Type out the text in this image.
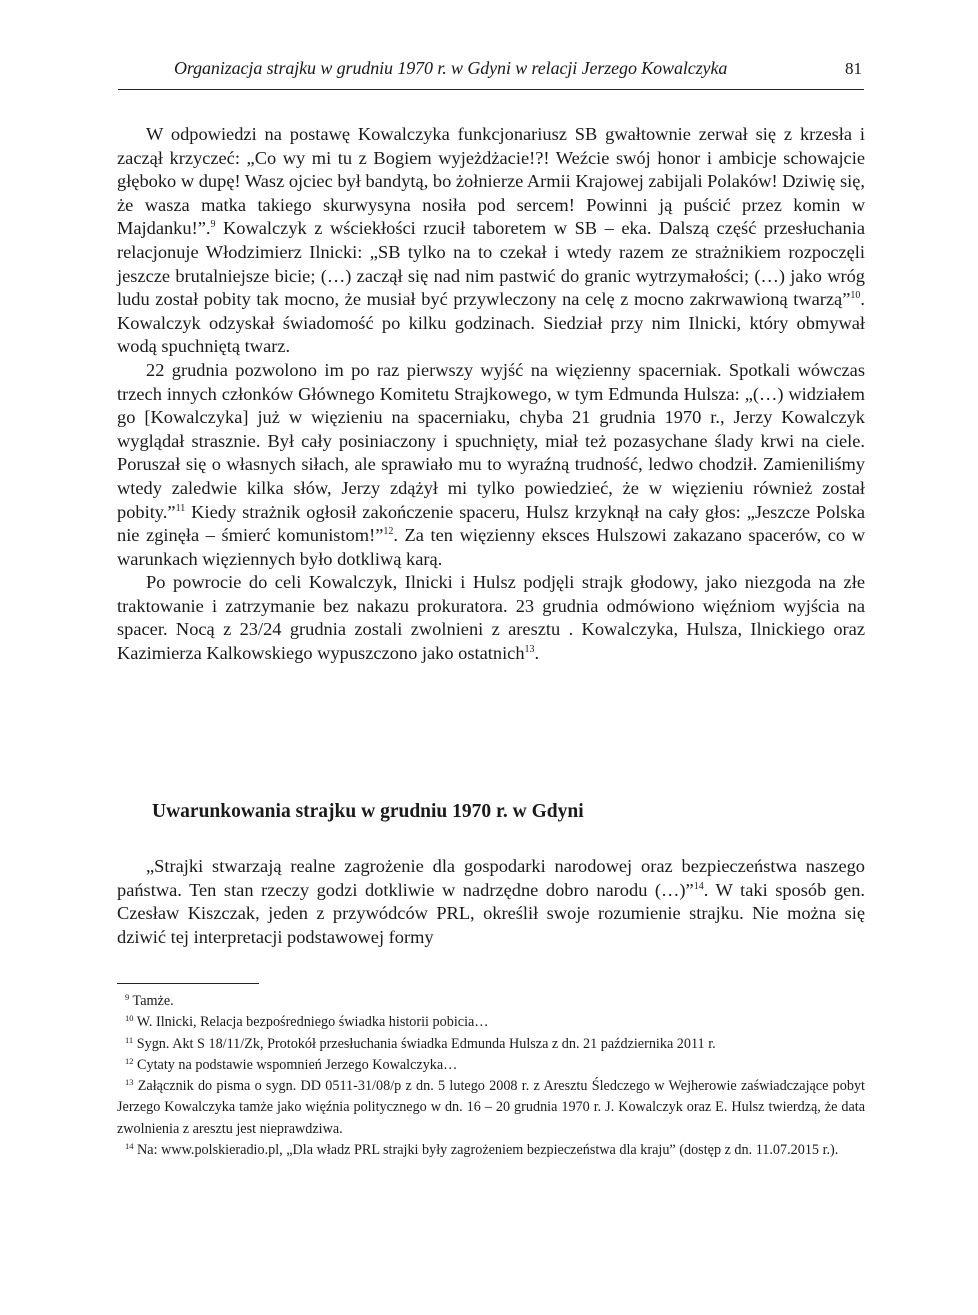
Organizacja strajku w grudniu 1970 r. w Gdyni w relacji Jerzego Kowalczyka	81

W odpowiedzi na postawę Kowalczyka funkcjonariusz SB gwałtownie zerwał się z krzesła i zaczął krzyczeć: „Co wy mi tu z Bogiem wyjeżdżacie!?! Weźcie swój honor i ambicje schowajcie głęboko w dupę! Wasz ojciec był bandytą, bo żołnierze Armii Krajowej zabijali Polaków! Dziwię się, że wasza matka takiego skurwysyna nosiła pod sercem! Powinni ją puścić przez komin w Majdanku!”.$^9$ Kowalczyk z wściekłości rzucił taboretem w SB – eka. Dalszą część przesłuchania relacjonuje Włodzimierz Ilnicki: „SB tylko na to czekał i wtedy razem ze strażnikiem rozpoczęli jeszcze brutalniejsze bicie; (…) zaczął się nad nim pastwić do granic wytrzymałości; (…) jako wróg ludu został pobity tak mocno, że musiał być przywleczony na celę z mocno zakrwawioną twarzą”$^{10}$. Kowalczyk odzyskał świadomość po kilku godzinach. Siedział przy nim Ilnicki, który obmywał wodą spuchniętą twarz.

22 grudnia pozwolono im po raz pierwszy wyjść na więzienny spacerniak. Spotkali wówczas trzech innych członków Głównego Komitetu Strajkowego, w tym Edmunda Hulsza: „(…) widziałem go [Kowalczyka] już w więzieniu na spacerniaku, chyba 21 grudnia 1970 r., Jerzy Kowalczyk wyglądał strasznie. Był cały posiniaczony i spuchnięty, miał też pozasychane ślady krwi na ciele. Poruszał się o własnych siłach, ale sprawiało mu to wyraźną trudność, ledwo chodził. Zamieniliśmy wtedy zaledwie kilka słów, Jerzy zdążył mi tylko powiedzieć, że w więzieniu również został pobity.”$^{11}$ Kiedy strażnik ogłosił zakończenie spaceru, Hulsz krzyknął na cały głos: „Jeszcze Polska nie zginęła – śmierć komunistom!”$^{12}$. Za ten więzienny eksces Hulszowi zakazano spacerów, co w warunkach więziennych było dotkliwą karą.

Po powrocie do celi Kowalczyk, Ilnicki i Hulsz podjęli strajk głodowy, jako niezgoda na złe traktowanie i zatrzymanie bez nakazu prokuratora. 23 grudnia odmówiono więźniom wyjścia na spacer. Nocą z 23/24 grudnia zostali zwolnieni z aresztu . Kowalczyka, Hulsza, Ilnickiego oraz Kazimierza Kalkowskiego wypuszczono jako ostatnich$^{13}$.

Uwarunkowania strajku w grudniu 1970 r. w Gdyni

„Strajki stwarzają realne zagrożenie dla gospodarki narodowej oraz bezpieczeństwa naszego państwa. Ten stan rzeczy godzi dotkliwie w nadrzędne dobro narodu (…)”$^{14}$. W taki sposób gen. Czesław Kiszczak, jeden z przywódców PRL, określił swoje rozumienie strajku. Nie można się dziwić tej interpretacji podstawowej formy

$^9$ Tamże.

$^{10}$ W. Ilnicki, Relacja bezpośredniego świadka historii pobicia…

$^{11}$ Sygn. Akt S 18/11/Zk, Protokół przesłuchania świadka Edmunda Hulsza z dn. 21 października 2011 r.

$^{12}$ Cytaty na podstawie wspomnień Jerzego Kowalczyka…

$^{13}$ Załącznik do pisma o sygn. DD 0511-31/08/p z dn. 5 lutego 2008 r. z Aresztu Śledczego w Wejherowie zaświadczające pobyt Jerzego Kowalczyka tamże jako więźnia politycznego w dn. 16 – 20 grudnia 1970 r. J. Kowalczyk oraz E. Hulsz twierdzą, że data zwolnienia z aresztu jest nieprawdziwa.

$^{14}$ Na: www.polskieradio.pl, „Dla władz PRL strajki były zagrożeniem bezpieczeństwa dla kraju” (dostęp z dn. 11.07.2015 r.).
